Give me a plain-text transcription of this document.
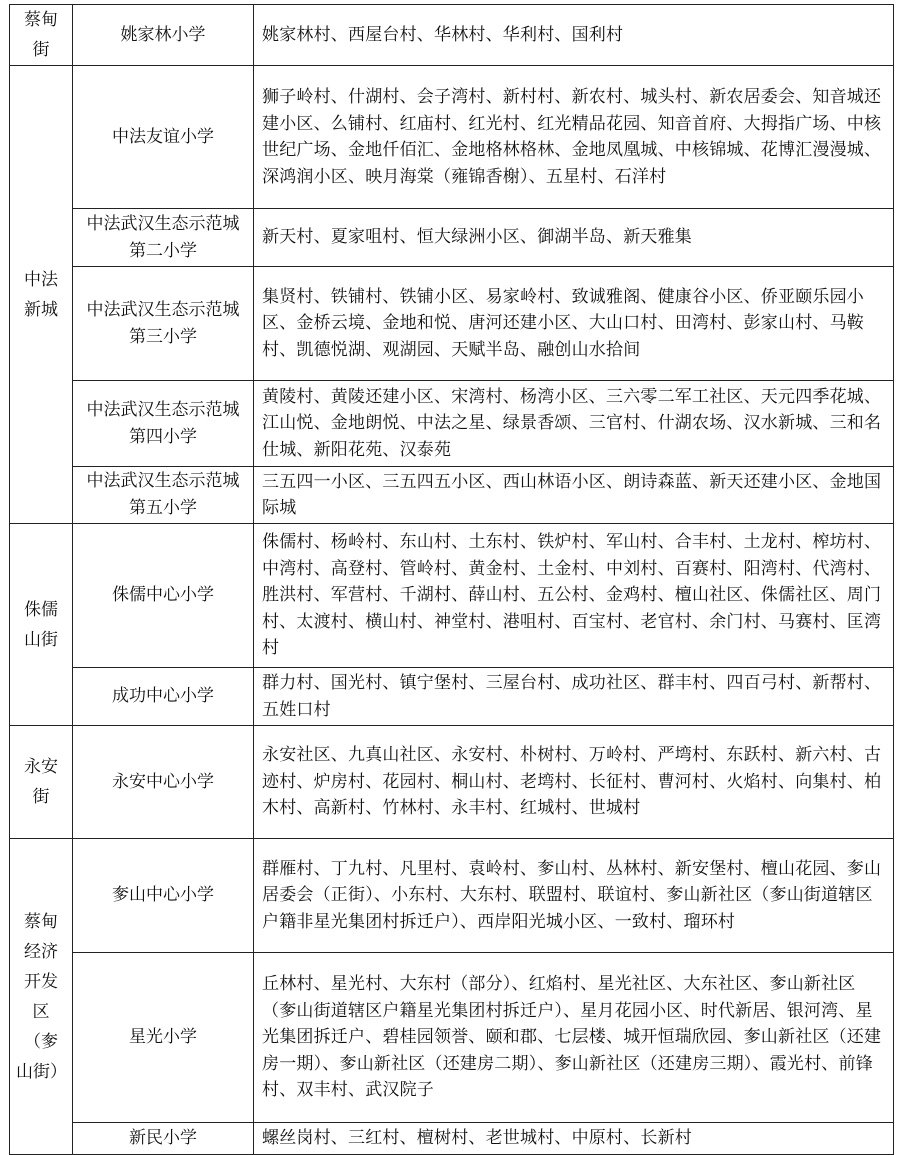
蔡甸街	姚家林小学	姚家林村、西屋台村、华林村、华利村、国利村
中法新城	中法友谊小学	狮子岭村、什湖村、会子湾村、新村村、新农村、城头村、新农居委会、知音城还建小区、么铺村、红庙村、红光村、红光精品花园、知音首府、大拇指广场、中核世纪广场、金地仟佰汇、金地格林格林、金地凤凰城、中核锦城、花博汇漫漫城、深鸿润小区、映月海棠（雍锦香榭）、五星村、石洋村
	中法武汉生态示范城第二小学	新天村、夏家咀村、恒大绿洲小区、御湖半岛、新天雅集
	中法武汉生态示范城第三小学	集贤村、铁铺村、铁铺小区、易家岭村、致诚雅阁、健康谷小区、侨亚颐乐园小区、金桥云境、金地和悦、唐河还建小区、大山口村、田湾村、彭家山村、马鞍村、凯德悦湖、观湖园、天赋半岛、融创山水拾间
	中法武汉生态示范城第四小学	黄陵村、黄陵还建小区、宋湾村、杨湾小区、三六零二军工社区、天元四季花城、江山悦、金地朗悦、中法之星、绿景香颂、三官村、什湖农场、汉水新城、三和名仕城、新阳花苑、汉泰苑
	中法武汉生态示范城第五小学	三五四一小区、三五四五小区、西山林语小区、朗诗森蓝、新天还建小区、金地国际城
侏儒山街	侏儒中心小学	侏儒村、杨岭村、东山村、土东村、铁炉村、军山村、合丰村、土龙村、榨坊村、中湾村、高登村、管岭村、黄金村、土金村、中刘村、百赛村、阳湾村、代湾村、胜洪村、军营村、千湖村、薛山村、五公村、金鸡村、檀山社区、侏儒社区、周门村、太渡村、横山村、神堂村、港咀村、百宝村、老官村、余门村、马赛村、匡湾村
	成功中心小学	群力村、国光村、镇宁堡村、三屋台村、成功社区、群丰村、四百弓村、新帮村、五姓口村
永安街	永安中心小学	永安社区、九真山社区、永安村、朴树村、万岭村、严塆村、东跃村、新六村、古迹村、炉房村、花园村、桐山村、老塆村、长征村、曹河村、火焰村、向集村、柏木村、高新村、竹林村、永丰村、红城村、世城村
蔡甸经济开发区（奓山街）	奓山中心小学	群雁村、丁九村、凡里村、袁岭村、奓山村、丛林村、新安堡村、檀山花园、奓山居委会（正街）、小东村、大东村、联盟村、联谊村、奓山新社区（奓山街道辖区户籍非星光集团村拆迁户）、西岸阳光城小区、一致村、瑠环村
	星光小学	丘林村、星光村、大东村（部分）、红焰村、星光社区、大东社区、奓山新社区（奓山街道辖区户籍星光集团村拆迁户）、星月花园小区、时代新居、银河湾、星光集团拆迁户、碧桂园领誉、颐和郡、七层楼、城开恒瑞欣园、奓山新社区（还建房一期）、奓山新社区（还建房二期）、奓山新社区（还建房三期）、霞光村、前锋村、双丰村、武汉院子
	新民小学	螺丝岗村、三红村、檀树村、老世城村、中原村、长新村
